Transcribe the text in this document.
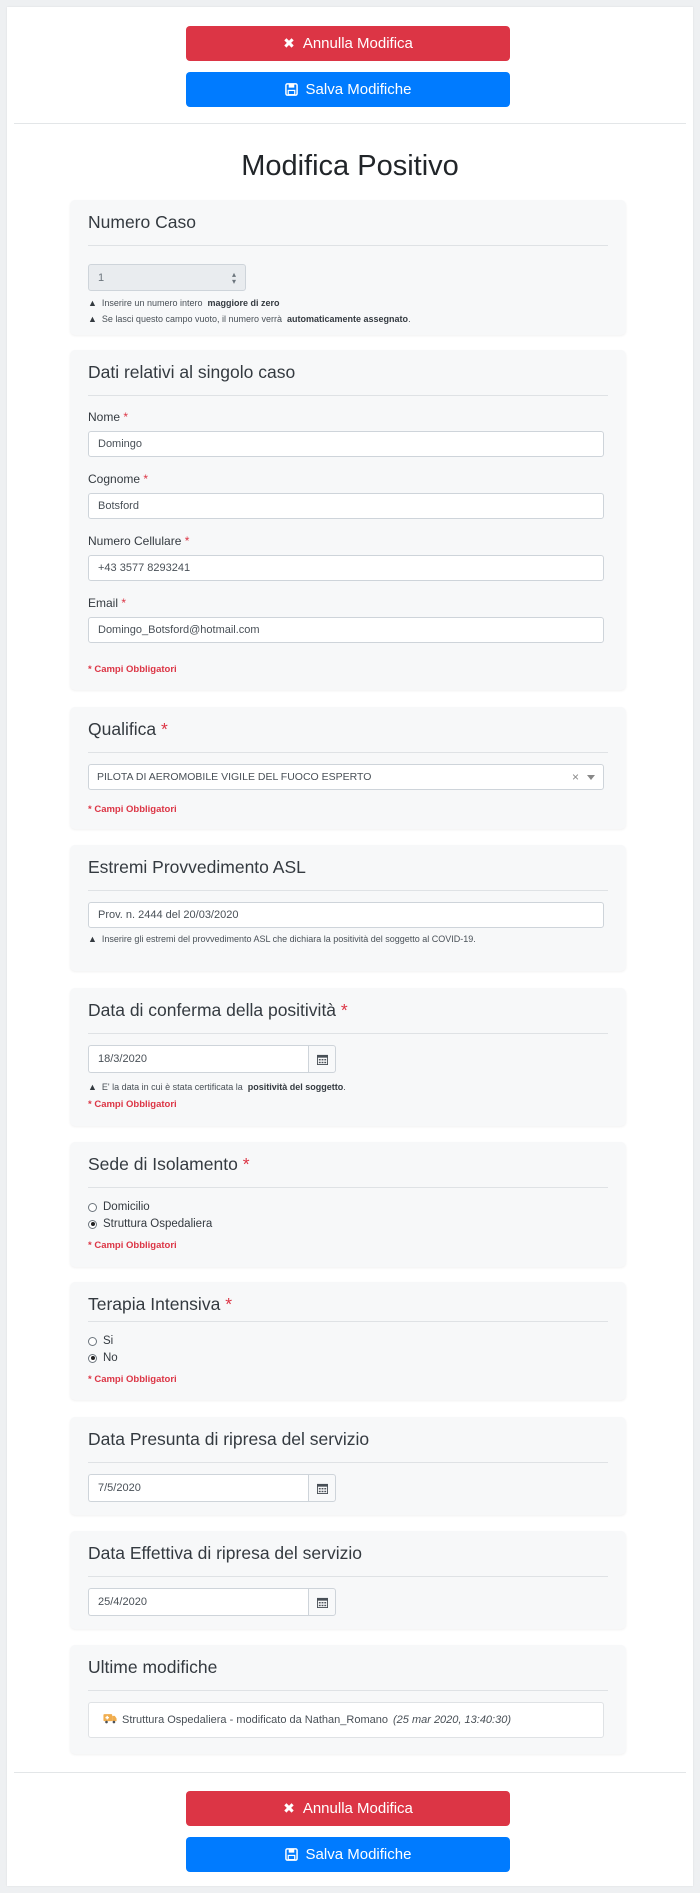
✖ Annulla Modifica
Salva Modifiche
Modifica Positivo
Numero Caso
1	▴
▾
▲ Inserire un numero intero maggiore di zero
▲ Se lasci questo campo vuoto, il numero verrà automaticamente assegnato .
Dati relativi al singolo caso
Nome *
Domingo
Cognome *
Botsford
Numero Cellulare *
+43 3577 8293241
Email *
Domingo_Botsford@hotmail.com
* Campi Obbligatori
Qualifica *
PILOTA DI AEROMOBILE VIGILE DEL FUOCO ESPERTO	×
* Campi Obbligatori
Estremi Provvedimento ASL
Prov. n. 2444 del 20/03/2020
▲ Inserire gli estremi del provvedimento ASL che dichiara la positività del soggetto al COVID-19.
Data di conferma della positività *
18/3/2020
▲ E' la data in cui è stata certificata la positività del soggetto .
* Campi Obbligatori
Sede di Isolamento *
Domicilio
Struttura Ospedaliera
* Campi Obbligatori
Terapia Intensiva *
Si
No
* Campi Obbligatori
Data Presunta di ripresa del servizio
7/5/2020
Data Effettiva di ripresa del servizio
25/4/2020
Ultime modifiche
Struttura Ospedaliera - modificato da Nathan_Romano (25 mar 2020, 13:40:30)
✖ Annulla Modifica
Salva Modifiche
